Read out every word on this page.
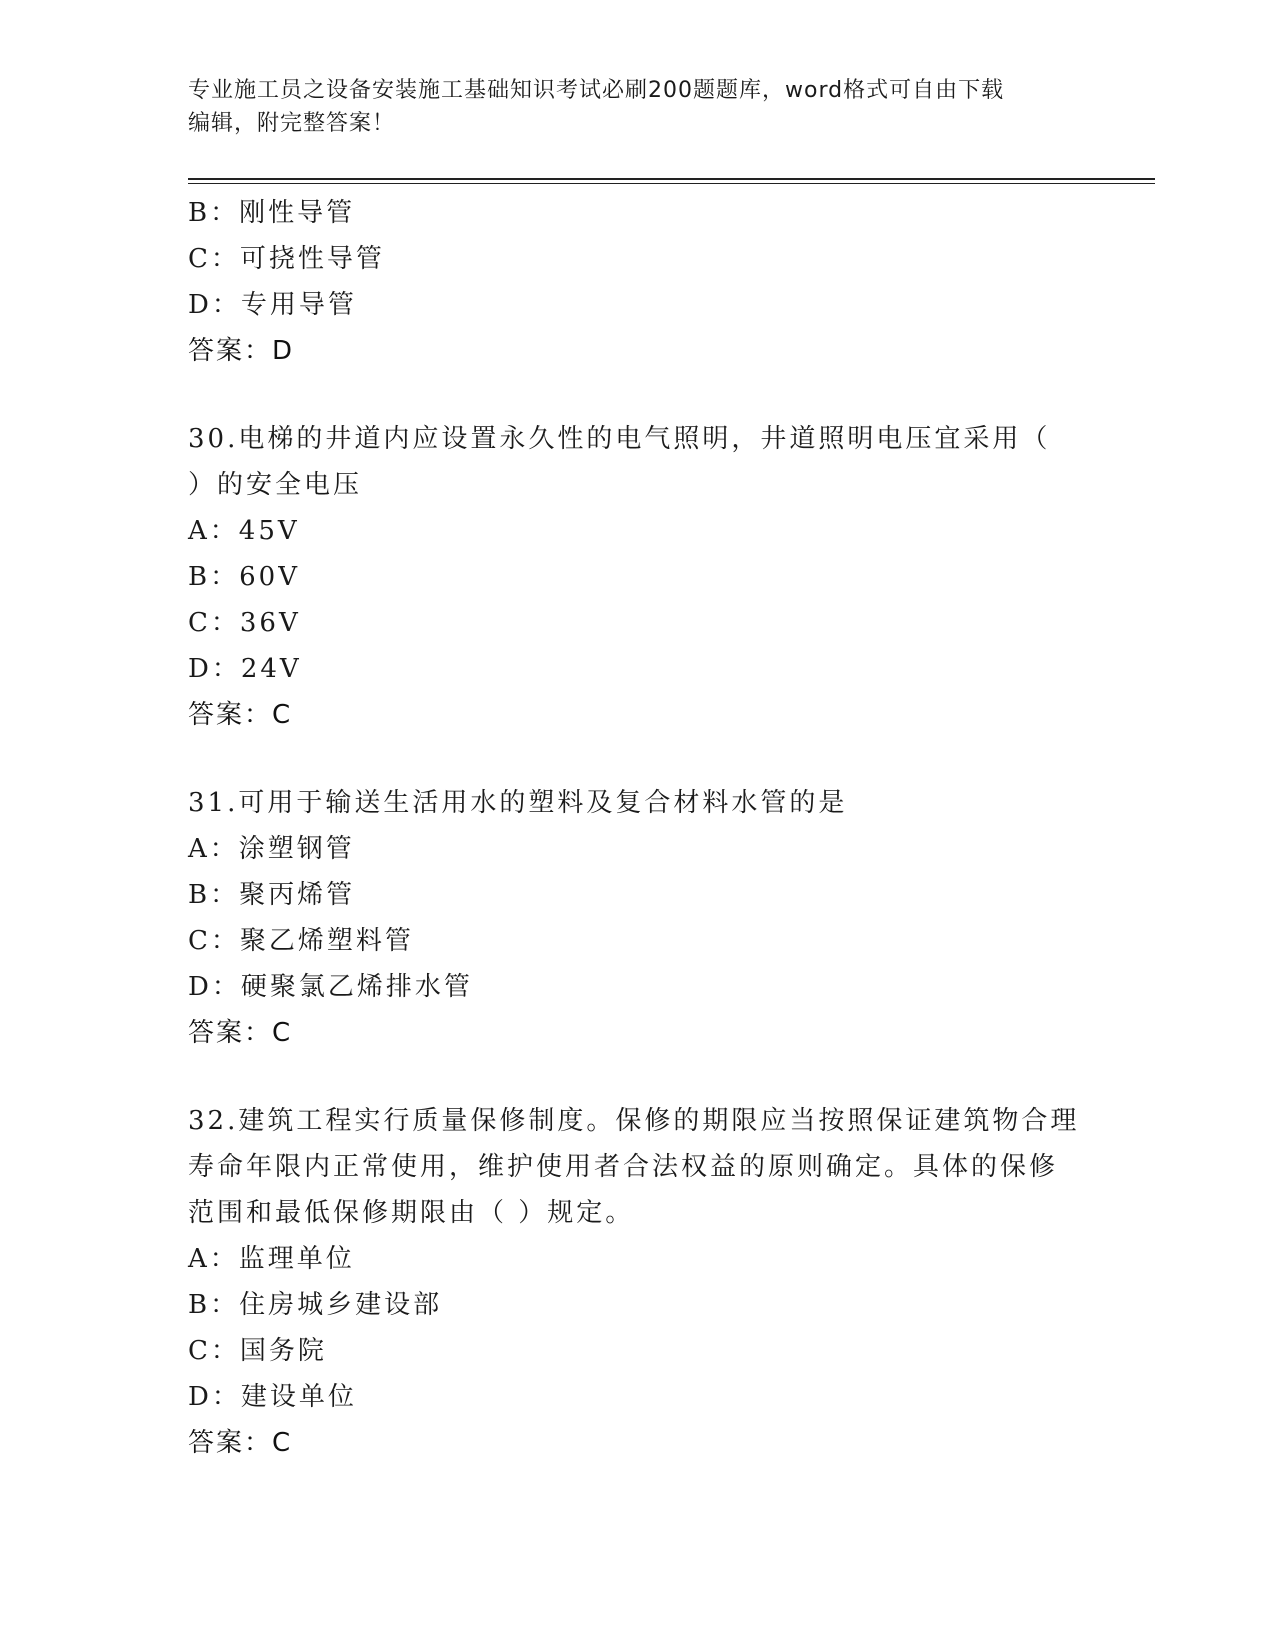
专业施工员之设备安装施工基础知识考试必刷200题题库，word格式可自由下载
编辑，附完整答案！
B：刚性导管
C：可挠性导管
D：专用导管
答案：D
30.电梯的井道内应设置永久性的电气照明，井道照明电压宜采用（
）的安全电压
A：45V
B：60V
C：36V
D：24V
答案：C
31.可用于输送生活用水的塑料及复合材料水管的是
A：涂塑钢管
B：聚丙烯管
C：聚乙烯塑料管
D：硬聚氯乙烯排水管
答案：C
32.建筑工程实行质量保修制度。保修的期限应当按照保证建筑物合理
寿命年限内正常使用，维护使用者合法权益的原则确定。具体的保修
范围和最低保修期限由（ ）规定。
A：监理单位
B：住房城乡建设部
C：国务院
D：建设单位
答案：C
